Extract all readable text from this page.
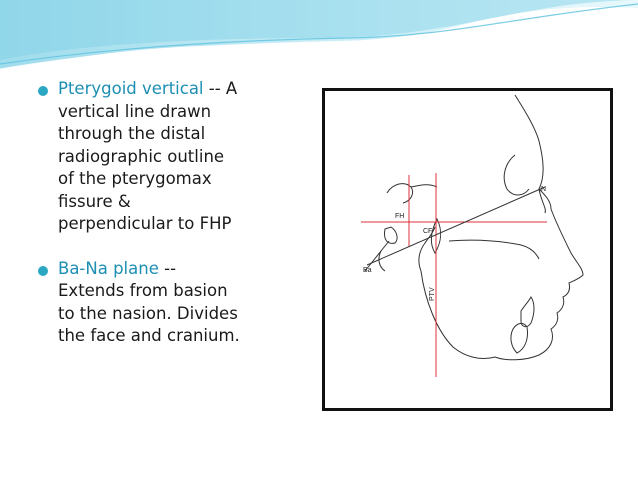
Pterygoid vertical -- A
vertical line drawn
through the distal
radiographic outline
of the pterygomax
fissure &
perpendicular to FHP
Ba-Na plane --
Extends from basion
to the nasion. Divides
the face and cranium.
FH
CF
N
Ba
PTV
